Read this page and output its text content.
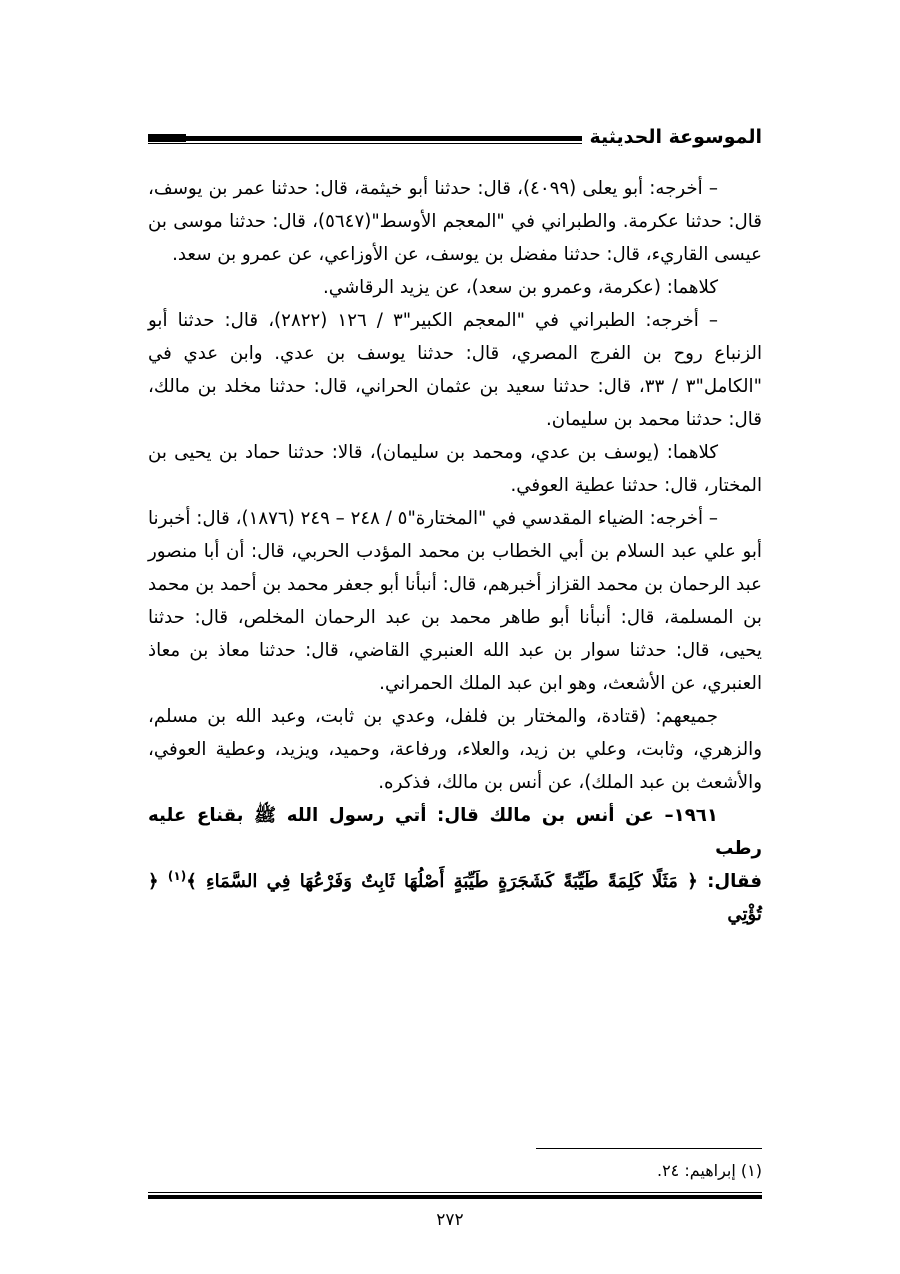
الموسوعة الحديثية

– أخرجه: أبو يعلى (٤٠٩٩)، قال: حدثنا أبو خيثمة، قال: حدثنا عمر بن يوسف، قال: حدثنا عكرمة. والطبراني في "المعجم الأوسط"(٥٦٤٧)، قال: حدثنا موسى بن عيسى القاريء، قال: حدثنا مفضل بن يوسف، عن الأوزاعي، عن عمرو بن سعد.

كلاهما: (عكرمة، وعمرو بن سعد)، عن يزيد الرقاشي.

– أخرجه: الطبراني في "المعجم الكبير"٣ / ١٢٦ (٢٨٢٢)، قال: حدثنا أبو الزنباع روح بن الفرج المصري، قال: حدثنا يوسف بن عدي. وابن عدي في "الكامل"٣ / ٣٣، قال: حدثنا سعيد بن عثمان الحراني، قال: حدثنا مخلد بن مالك، قال: حدثنا محمد بن سليمان.

كلاهما: (يوسف بن عدي، ومحمد بن سليمان)، قالا: حدثنا حماد بن يحيى بن المختار، قال: حدثنا عطية العوفي.

– أخرجه: الضياء المقدسي في "المختارة"٥ / ٢٤٨ – ٢٤٩ (١٨٧٦)، قال: أخبرنا أبو علي عبد السلام بن أبي الخطاب بن محمد المؤدب الحربي، قال: أن أبا منصور عبد الرحمان بن محمد القزاز أخبرهم، قال: أنبأنا أبو جعفر محمد بن أحمد بن محمد بن المسلمة، قال: أنبأنا أبو طاهر محمد بن عبد الرحمان المخلص، قال: حدثنا يحيى، قال: حدثنا سوار بن عبد الله العنبري القاضي، قال: حدثنا معاذ بن معاذ العنبري، عن الأشعث، وهو ابن عبد الملك الحمراني.

جميعهم: (قتادة، والمختار بن فلفل، وعدي بن ثابت، وعبد الله بن مسلم، والزهري، وثابت، وعلي بن زيد، والعلاء، ورفاعة، وحميد، ويزيد، وعطية العوفي، والأشعث بن عبد الملك)، عن أنس بن مالك، فذكره.

١٩٦١– عن أنس بن مالك قال: أتي رسول الله ﷺ بقناع عليه رطب

فقال: ﴿ مَثَلًا كَلِمَةً طَيِّبَةً كَشَجَرَةٍ طَيِّبَةٍ أَصْلُهَا ثَابِتٌ وَفَرْعُهَا فِي السَّمَاءِ ﴾$^{(١)}$ ﴿ تُؤْتِي

(١) إبراهيم: ٢٤.
٢٧٢
